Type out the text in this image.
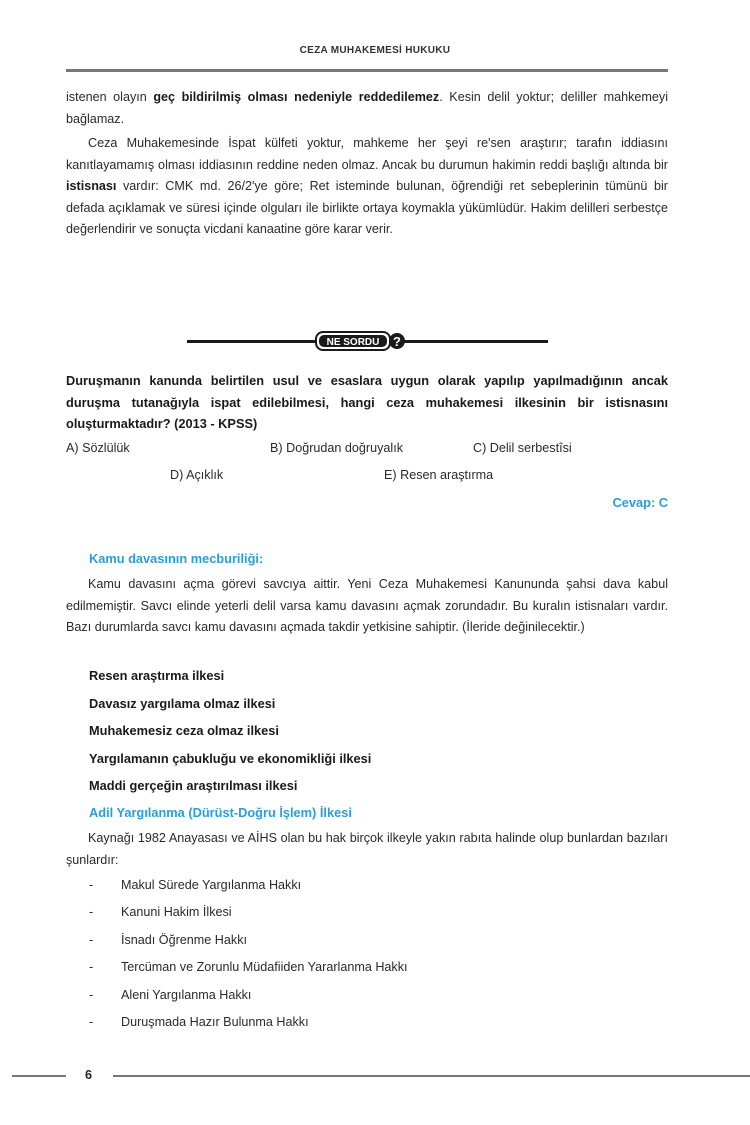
CEZA MUHAKEMESİ HUKUKU

istenen olayın geç bildirilmiş olması nedeniyle reddedilemez. Kesin delil yoktur; deliller mahkemeyi bağlamaz.

Ceza Muhakemesinde İspat külfeti yoktur, mahkeme her şeyi re'sen araştırır; tarafın iddiasını kanıtlayamamış olması iddiasının reddine neden olmaz. Ancak bu durumun hakimin reddi başlığı altında bir istisnası vardır: CMK md. 26/2'ye göre; Ret isteminde bulunan, öğrendiği ret sebeplerinin tümünü bir defada açıklamak ve süresi içinde olguları ile birlikte ortaya koymakla yükümlüdür. Hakim delilleri serbestçe değerlendirir ve sonuçta vicdani kanaatine göre karar verir.

NE SORDU ?

Duruşmanın kanunda belirtilen usul ve esaslara uygun olarak yapılıp yapılmadığının ancak duruşma tutanağıyla ispat edilebilmesi, hangi ceza muhakemesi ilkesinin bir istisnasını oluşturmaktadır? (2013 - KPSS)

A) Sözlülük	B) Doğrudan doğruyalık	C) Delil serbestîsi
D) Açıklık	E) Resen araştırma
Cevap: C
Kamu davasının mecburiliği:

Kamu davasını açma görevi savcıya aittir. Yeni Ceza Muhakemesi Kanununda şahsi dava kabul edilmemiştir. Savcı elinde yeterli delil varsa kamu davasını açmak zorundadır. Bu kuralın istisnaları vardır. Bazı durumlarda savcı kamu davasını açmada takdir yetkisine sahiptir. (İleride değinilecektir.)

Resen araştırma ilkesi
Davasız yargılama olmaz ilkesi
Muhakemesiz ceza olmaz ilkesi
Yargılamanın çabukluğu ve ekonomikliği ilkesi
Maddi gerçeğin araştırılması ilkesi
Adil Yargılanma (Dürüst-Doğru İşlem) İlkesi

Kaynağı 1982 Anayasası ve AİHS olan bu hak birçok ilkeyle yakın rabıta halinde olup bunlardan bazıları şunlardır:

- Makul Sürede Yargılanma Hakkı
- Kanuni Hakim İlkesi
- İsnadı Öğrenme Hakkı
- Tercüman ve Zorunlu Müdafiiden Yararlanma Hakkı
- Aleni Yargılanma Hakkı
- Duruşmada Hazır Bulunma Hakkı
6
